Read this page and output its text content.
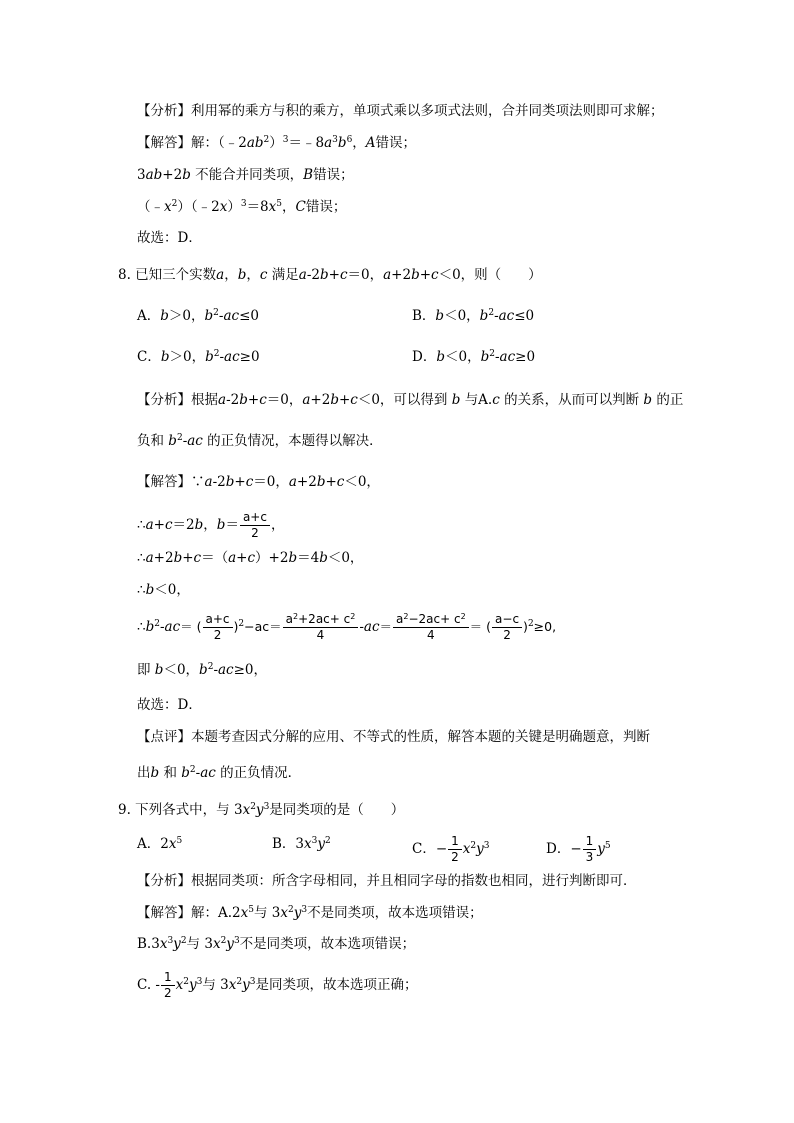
【分析】利用幂的乘方与积的乘方，单项式乘以多项式法则，合并同类项法则即可求解；
【解答】解：$(﹣2ab^2)^3=﹣8a^3b^6$，A错误；
3ab+2b 不能合并同类项，B错误；
$(﹣x^2)(﹣2x)^3=8x^5$，C错误；
故选：D．
8. 已知三个实数a，b，c 满足a-2b+c＝0，a+2b+c＜0，则（　　）
A．b＞0，$b^2-ac\le 0$	B．b＜0，$b^2-ac\le 0$
C．b＞0，$b^2-ac\ge 0$	D．b＜0，$b^2-ac\ge 0$
【分析】根据a-2b+c＝0，a+2b+c＜0，可以得到 b 与A.c 的关系，从而可以判断 b 的正
负和 $b^2-ac$ 的正负情况，本题得以解决．
【解答】∵a-2b+c＝0，a+2b+c＜0，
∴a+c＝2b，$b= \frac{a+c}{2}$ ，
∴a+2b+c＝（a+c）+2b＝4b＜0，
∴b＜0，
$\therefore b^2-ac=$ ( $\frac{a+c}{2} )^2-ac= \frac{a^2+2ac+ c^2}{4} -ac= \frac{a^2-2ac+ c^2}{4}$ ＝ ( $\frac{a-c}{2} )^2\ge 0$,
即 b＜0，$b^2-ac\ge 0$，
故选：D．
【点评】本题考查因式分解的应用、不等式的性质，解答本题的关键是明确题意，判断
出b 和 $b^2-ac$ 的正负情况．
9. 下列各式中，与 $3x^2y^3$是同类项的是（　　）
A．$2x^5$	B．$3x^3y^2$	C．− $\frac{1}{2} x^2y^3$	D．− $\frac{1}{3} y^5$
【分析】根据同类项：所含字母相同，并且相同字母的指数也相同，进行判断即可．
【解答】解：$A.2x^5$与 $3x^2y^3$不是同类项，故本选项错误；
$B.3x^3y^2$与 $3x^2y^3$不是同类项，故本选项错误；
C. - $\frac{1}{2} x^2y^3$与 $3x^2y^3$是同类项，故本选项正确；
